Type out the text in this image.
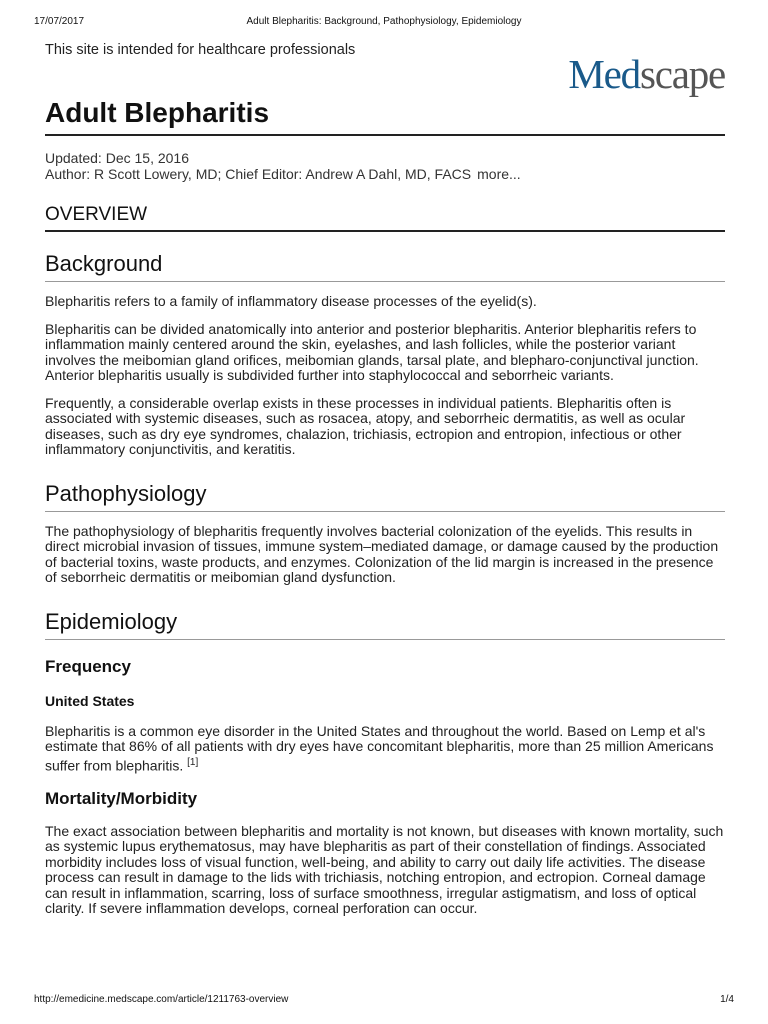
17/07/2017	Adult Blepharitis: Background, Pathophysiology, Epidemiology
This site is intended for healthcare professionals
Medscape
Adult Blepharitis
Updated: Dec 15, 2016
Author: R Scott Lowery, MD; Chief Editor: Andrew A Dahl, MD, FACS more...
OVERVIEW
Background

Blepharitis refers to a family of inflammatory disease processes of the eyelid(s).

Blepharitis can be divided anatomically into anterior and posterior blepharitis. Anterior blepharitis refers to inflammation mainly centered around the skin, eyelashes, and lash follicles, while the posterior variant involves the meibomian gland orifices, meibomian glands, tarsal plate, and blepharo-conjunctival junction. Anterior blepharitis usually is subdivided further into staphylococcal and seborrheic variants.

Frequently, a considerable overlap exists in these processes in individual patients. Blepharitis often is associated with systemic diseases, such as rosacea, atopy, and seborrheic dermatitis, as well as ocular diseases, such as dry eye syndromes, chalazion, trichiasis, ectropion and entropion, infectious or other inflammatory conjunctivitis, and keratitis.

Pathophysiology

The pathophysiology of blepharitis frequently involves bacterial colonization of the eyelids. This results in direct microbial invasion of tissues, immune system–mediated damage, or damage caused by the production of bacterial toxins, waste products, and enzymes. Colonization of the lid margin is increased in the presence of seborrheic dermatitis or meibomian gland dysfunction.

Epidemiology
Frequency
United States

Blepharitis is a common eye disorder in the United States and throughout the world. Based on Lemp et al's estimate that 86% of all patients with dry eyes have concomitant blepharitis, more than 25 million Americans suffer from blepharitis. [1]

Mortality/Morbidity

The exact association between blepharitis and mortality is not known, but diseases with known mortality, such as systemic lupus erythematosus, may have blepharitis as part of their constellation of findings. Associated morbidity includes loss of visual function, well-being, and ability to carry out daily life activities. The disease process can result in damage to the lids with trichiasis, notching entropion, and ectropion. Corneal damage can result in inflammation, scarring, loss of surface smoothness, irregular astigmatism, and loss of optical clarity. If severe inflammation develops, corneal perforation can occur.

http://emedicine.medscape.com/article/1211763-overview	1/4
